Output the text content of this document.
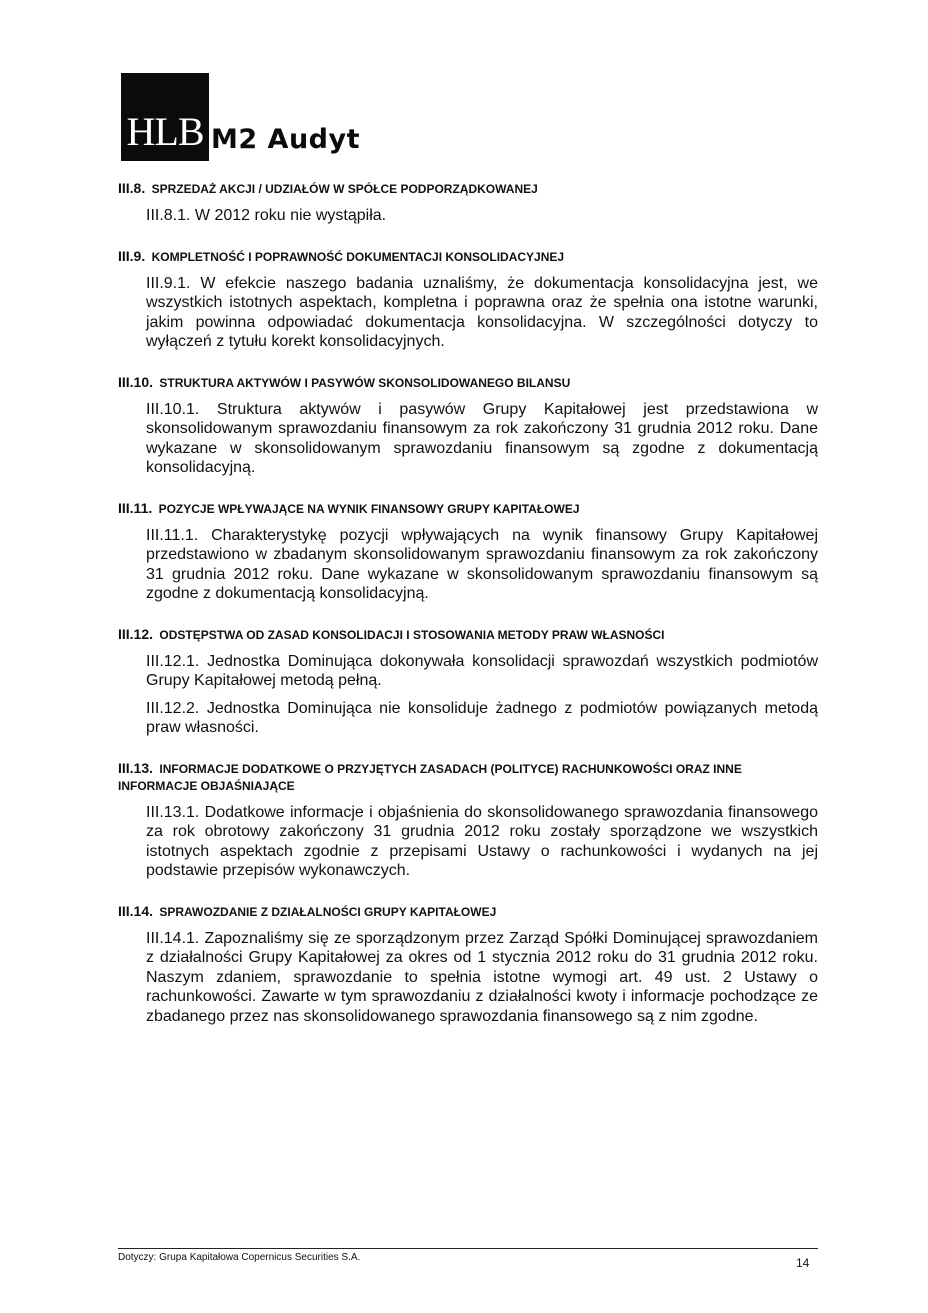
HLB M2 Audyt
III.8. SPRZEDAŻ AKCJI / UDZIAŁÓW W SPÓŁCE PODPORZĄDKOWANEJ

III.8.1. W 2012 roku nie wystąpiła.

III.9. KOMPLETNOŚĆ I POPRAWNOŚĆ DOKUMENTACJI KONSOLIDACYJNEJ

III.9.1. W efekcie naszego badania uznaliśmy, że dokumentacja konsolidacyjna jest, we wszystkich istotnych aspektach, kompletna i poprawna oraz że spełnia ona istotne warunki, jakim powinna odpowiadać dokumentacja konsolidacyjna. W szczególności dotyczy to wyłączeń z tytułu korekt konsolidacyjnych.

III.10. STRUKTURA AKTYWÓW I PASYWÓW SKONSOLIDOWANEGO BILANSU

III.10.1. Struktura aktywów i pasywów Grupy Kapitałowej jest przedstawiona w skonsolidowanym sprawozdaniu finansowym za rok zakończony 31 grudnia 2012 roku. Dane wykazane w skonsolidowanym sprawozdaniu finansowym są zgodne z dokumentacją konsolidacyjną.

III.11. POZYCJE WPŁYWAJĄCE NA WYNIK FINANSOWY GRUPY KAPITAŁOWEJ

III.11.1. Charakterystykę pozycji wpływających na wynik finansowy Grupy Kapitałowej przedstawiono w zbadanym skonsolidowanym sprawozdaniu finansowym za rok zakończony 31 grudnia 2012 roku. Dane wykazane w skonsolidowanym sprawozdaniu finansowym są zgodne z dokumentacją konsolidacyjną.

III.12. ODSTĘPSTWA OD ZASAD KONSOLIDACJI I STOSOWANIA METODY PRAW WŁASNOŚCI

III.12.1. Jednostka Dominująca dokonywała konsolidacji sprawozdań wszystkich podmiotów Grupy Kapitałowej metodą pełną.

III.12.2. Jednostka Dominująca nie konsoliduje żadnego z podmiotów powiązanych metodą praw własności.

III.13. INFORMACJE DODATKOWE O PRZYJĘTYCH ZASADACH (POLITYCE) RACHUNKOWOŚCI ORAZ INNE INFORMACJE OBJAŚNIAJĄCE

III.13.1. Dodatkowe informacje i objaśnienia do skonsolidowanego sprawozdania finansowego za rok obrotowy zakończony 31 grudnia 2012 roku zostały sporządzone we wszystkich istotnych aspektach zgodnie z przepisami Ustawy o rachunkowości i wydanych na jej podstawie przepisów wykonawczych.

III.14. SPRAWOZDANIE Z DZIAŁALNOŚCI GRUPY KAPITAŁOWEJ

III.14.1. Zapoznaliśmy się ze sporządzonym przez Zarząd Spółki Dominującej sprawozdaniem z działalności Grupy Kapitałowej za okres od 1 stycznia 2012 roku do 31 grudnia 2012 roku. Naszym zdaniem, sprawozdanie to spełnia istotne wymogi art. 49 ust. 2 Ustawy o rachunkowości. Zawarte w tym sprawozdaniu z działalności kwoty i informacje pochodzące ze zbadanego przez nas skonsolidowanego sprawozdania finansowego są z nim zgodne.

Dotyczy: Grupa Kapitałowa Copernicus Securities S.A.	14
